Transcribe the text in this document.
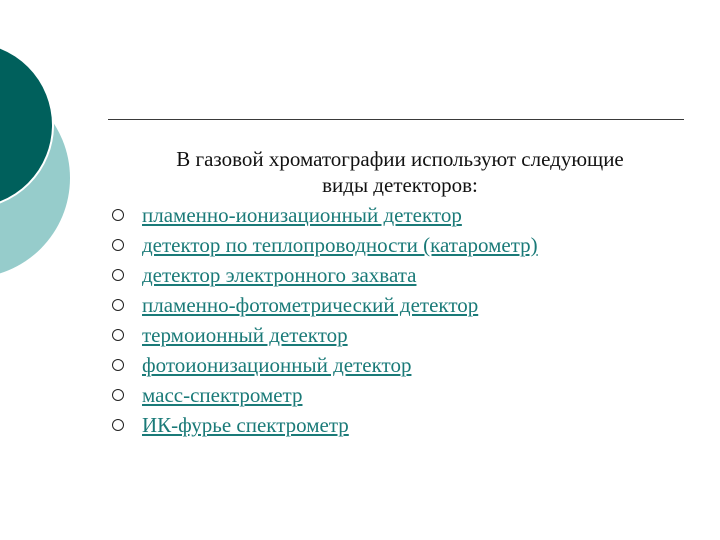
В газовой хроматографии используют следующие
виды детекторов:
пламенно-ионизационный детектор
детектор по теплопроводности (катарометр)
детектор электронного захвата
пламенно-фотометрический детектор
термоионный детектор
фотоионизационный детектор
масс-спектрометр
ИК-фурье спектрометр
